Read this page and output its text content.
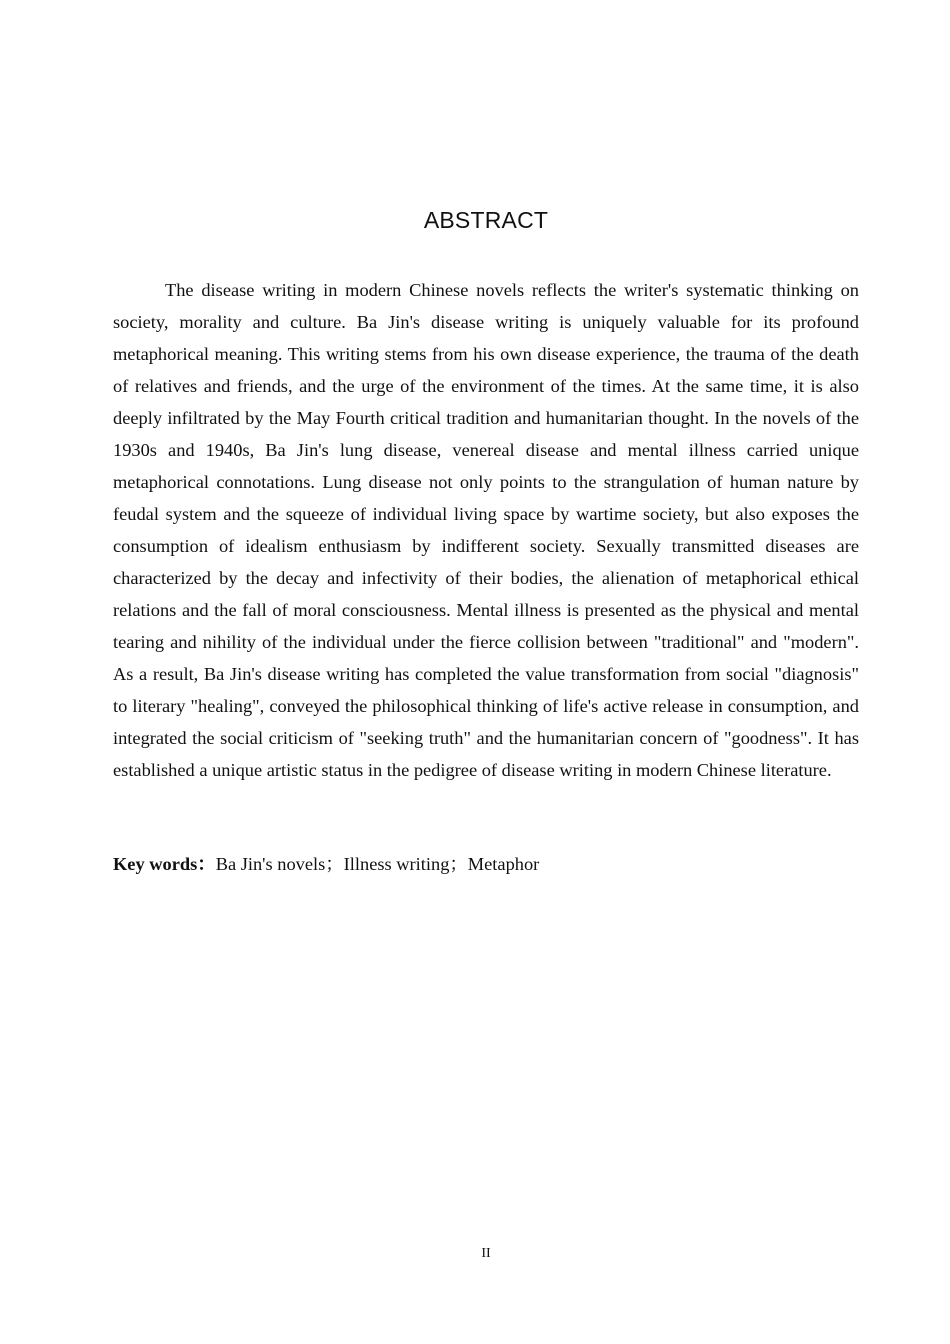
ABSTRACT

The disease writing in modern Chinese novels reflects the writer's systematic thinking on society, morality and culture. Ba Jin's disease writing is uniquely valuable for its profound metaphorical meaning. This writing stems from his own disease experience, the trauma of the death of relatives and friends, and the urge of the environment of the times. At the same time, it is also deeply infiltrated by the May Fourth critical tradition and humanitarian thought. In the novels of the 1930s and 1940s, Ba Jin's lung disease, venereal disease and mental illness carried unique metaphorical connotations. Lung disease not only points to the strangulation of human nature by feudal system and the squeeze of individual living space by wartime society, but also exposes the consumption of idealism enthusiasm by indifferent society. Sexually transmitted diseases are characterized by the decay and infectivity of their bodies, the alienation of metaphorical ethical relations and the fall of moral consciousness. Mental illness is presented as the physical and mental tearing and nihility of the individual under the fierce collision between "traditional" and "modern". As a result, Ba Jin's disease writing has completed the value transformation from social "diagnosis" to literary "healing", conveyed the philosophical thinking of life's active release in consumption, and integrated the social criticism of "seeking truth" and the humanitarian concern of "goodness". It has established a unique artistic status in the pedigree of disease writing in modern Chinese literature.

Key words：Ba Jin's novels；Illness writing；Metaphor

II
